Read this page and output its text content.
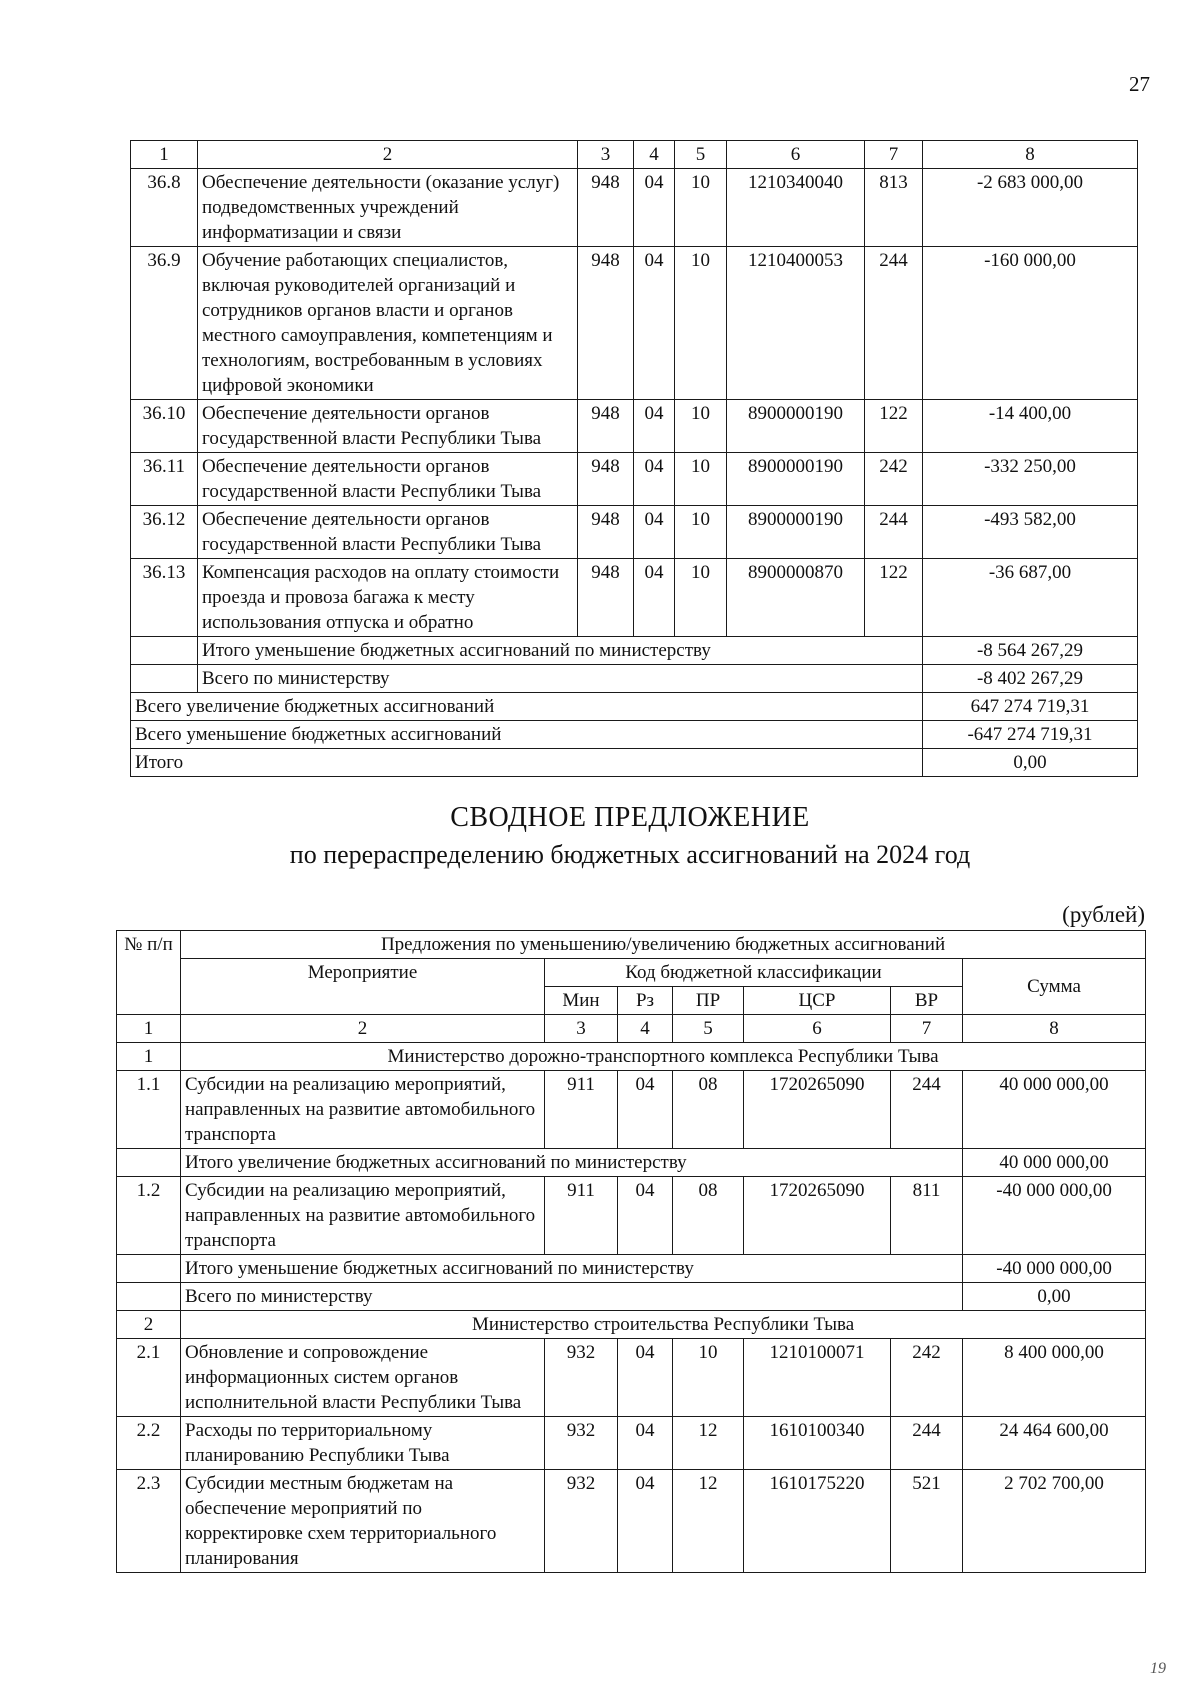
27
1	2	3	4	5	6	7	8
36.8	Обеспечение деятельности (оказание услуг) подведомственных учреждений информатизации и связи	948	04	10	1210340040	813	-2 683 000,00
36.9	Обучение работающих специалистов, включая руководителей организаций и сотрудников органов власти и органов местного самоуправления, компетенциям и технологиям, востребованным в условиях цифровой экономики	948	04	10	1210400053	244	-160 000,00
36.10	Обеспечение деятельности органов государственной власти Республики Тыва	948	04	10	8900000190	122	-14 400,00
36.11	Обеспечение деятельности органов государственной власти Республики Тыва	948	04	10	8900000190	242	-332 250,00
36.12	Обеспечение деятельности органов государственной власти Республики Тыва	948	04	10	8900000190	244	-493 582,00
36.13	Компенсация расходов на оплату стоимости проезда и провоза багажа к месту использования отпуска и обратно	948	04	10	8900000870	122	-36 687,00
	Итого уменьшение бюджетных ассигнований по министерству						-8 564 267,29
	Всего по министерству						-8 402 267,29
Всего увеличение бюджетных ассигнований							647 274 719,31
Всего уменьшение бюджетных ассигнований							-647 274 719,31
Итого							0,00
СВОДНОЕ ПРЕДЛОЖЕНИЕ
по перераспределению бюджетных ассигнований на 2024 год
(рублей)
№ п/п	Предложения по уменьшению/увеличению бюджетных ассигнований						
	Мероприятие	Код бюджетной классификации					Сумма
		Мин	Рз	ПР	ЦСР	ВР	
1	2	3	4	5	6	7	8
1	Министерство дорожно-транспортного комплекса Республики Тыва						
1.1	Субсидии на реализацию мероприятий, направленных на развитие автомобильного транспорта	911	04	08	1720265090	244	40 000 000,00
	Итого увеличение бюджетных ассигнований по министерству						40 000 000,00
1.2	Субсидии на реализацию мероприятий, направленных на развитие автомобильного транспорта	911	04	08	1720265090	811	-40 000 000,00
	Итого уменьшение бюджетных ассигнований по министерству						-40 000 000,00
	Всего по министерству						0,00
2	Министерство строительства Республики Тыва						
2.1	Обновление и сопровождение информационных систем органов исполнительной власти Республики Тыва	932	04	10	1210100071	242	8 400 000,00
2.2	Расходы по территориальному планированию Республики Тыва	932	04	12	1610100340	244	24 464 600,00
2.3	Субсидии местным бюджетам на обеспечение мероприятий по корректировке схем территориального планирования	932	04	12	1610175220	521	2 702 700,00
19
